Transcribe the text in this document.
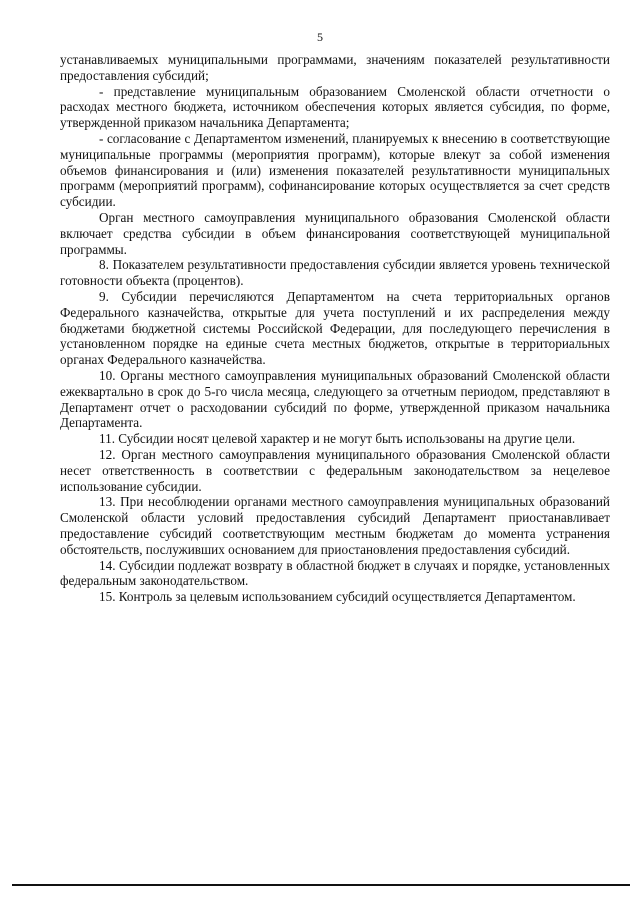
5

устанавливаемых муниципальными программами, значениям показателей результативности предоставления субсидий;

- представление муниципальным образованием Смоленской области отчетности о расходах местного бюджета, источником обеспечения которых является субсидия, по форме, утвержденной приказом начальника Департамента;

- согласование с Департаментом изменений, планируемых к внесению в соответствующие муниципальные программы (мероприятия программ), которые влекут за собой изменения объемов финансирования и (или) изменения показателей результативности муниципальных программ (мероприятий программ), софинансирование которых осуществляется за счет средств субсидии.

Орган местного самоуправления муниципального образования Смоленской области включает средства субсидии в объем финансирования соответствующей муниципальной программы.

8. Показателем результативности предоставления субсидии является уровень технической готовности объекта (процентов).

9. Субсидии перечисляются Департаментом на счета территориальных органов Федерального казначейства, открытые для учета поступлений и их распределения между бюджетами бюджетной системы Российской Федерации, для последующего перечисления в установленном порядке на единые счета местных бюджетов, открытые в территориальных органах Федерального казначейства.

10. Органы местного самоуправления муниципальных образований Смоленской области ежеквартально в срок до 5-го числа месяца, следующего за отчетным периодом, представляют в Департамент отчет о расходовании субсидий по форме, утвержденной приказом начальника Департамента.

11. Субсидии носят целевой характер и не могут быть использованы на другие цели.

12. Орган местного самоуправления муниципального образования Смоленской области несет ответственность в соответствии с федеральным законодательством за нецелевое использование субсидии.

13. При несоблюдении органами местного самоуправления муниципальных образований Смоленской области условий предоставления субсидий Департамент приостанавливает предоставление субсидий соответствующим местным бюджетам до момента устранения обстоятельств, послуживших основанием для приостановления предоставления субсидий.

14. Субсидии подлежат возврату в областной бюджет в случаях и порядке, установленных федеральным законодательством.

15. Контроль за целевым использованием субсидий осуществляется Департаментом.
